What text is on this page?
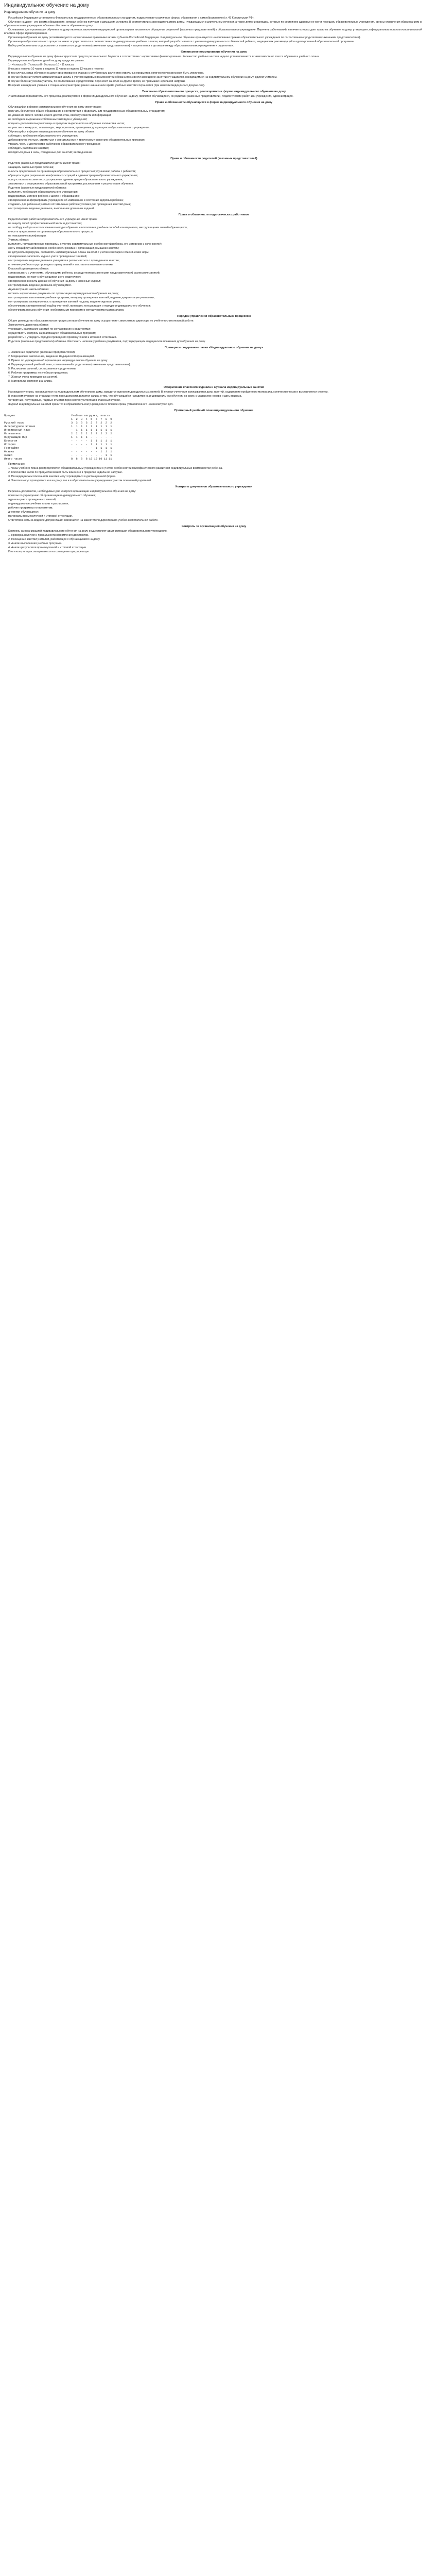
Индивидуальное обучение на дому
Индивидуальное обучение на дому

Российская Федерация установлена Федеральным государственным образовательным стандартом, подразумевает различные формы образования и самообразования (ст. 43 Конституции РФ).

Обучение на дому - это форма образования, которая ребенок получает в домашних условиях. В соответствии с законодательством детям, нуждающимся в длительном лечении, а также детям-инвалидам, которые по состоянию здоровья не могут посещать образовательные учреждения, органы управления образованием и образовательные учреждения обязаны обеспечить обучение на дому.

Основанием для организации обучения на дому является заключение медицинской организации и письменное обращение родителей (законных представителей) в образовательное учреждение. Перечень заболеваний, наличие которых дает право на обучение на дому, утверждается федеральным органом исполнительной власти в сфере здравоохранения.

Организация обучения на дому регламентируется нормативными правовыми актами субъекта Российской Федерации. Индивидуальное обучение организуется на основании приказа образовательного учреждения по согласованию с родителями (законными представителями).

Организация образовательного процесса может осуществляться в соответствии с индивидуальным учебным планом, который разрабатывается с учетом индивидуальных особенностей ребенка, медицинских рекомендаций и адаптированной образовательной программы.

Выбор учебного плана осуществляется совместно с родителями (законными представителями) и закрепляется в договоре между образовательным учреждением и родителями.

Финансовое нормирование обучения на дому

Индивидуальное обучение на дому финансируется из средств регионального бюджета в соответствии с нормативами финансирования. Количество учебных часов в неделю устанавливается в зависимости от класса обучения и учебного плана.

Индивидуальное обучение детей на дому предусматривает:

1 - 4 классы 5 - 7 классы 8 - 9 классы 10 - 11 классы

8 часов в неделю 10 часов в неделю 11 часов в неделю 12 часов в неделю

В том случае, когда обучение на дому организовано в классах с углубленным изучением отдельных предметов, количество часов может быть увеличено.

В случае болезни учителя администрация школы с учетом кадровых возможностей обязана произвести замещение занятий с учащимися, находящимися на индивидуальном обучении на дому, другим учителем.

В случае болезни ученика учитель, по согласованию с родителями, переносит занятия на другое время, не превышая недельной нагрузки.

Во время нахождения ученика в стационаре (санатории) ранее назначенное время учебных занятий сохраняется (при наличии медицинских документов).

Участники образовательного процесса, реализуемого в форме индивидуального обучения на дому

Участниками образовательного процесса, реализуемого в форме индивидуального обучения на дому, являются обучающиеся, их родители (законные представители), педагогические работники учреждения, администрация.

Права и обязанности обучающихся в форме индивидуального обучения на дому

Обучающийся в форме индивидуального обучения на дому имеет право:

получать бесплатное общее образование в соответствии с федеральным государственным образовательным стандартом;

на уважение своего человеческого достоинства, свободу совести и информации;

на свободное выражение собственных взглядов и убеждений;

получать дополнительную помощь в пределах выделенного на обучение количества часов;

на участие в конкурсах, олимпиадах, мероприятиях, проводимых для учащихся образовательного учреждения.

Обучающийся в форме индивидуального обучения на дому обязан:

соблюдать требования образовательного учреждения;

добросовестно учиться, стремиться к сознательному и творческому освоению образовательных программ;

уважать честь и достоинство работников образовательного учреждения;

соблюдать расписание занятий;

находиться дома в часы, отведенные для занятий; вести дневник.

Права и обязанности родителей (законных представителей)

Родители (законные представители) детей имеют право:

защищать законные права ребенка;

вносить предложения по организации образовательного процесса и улучшению работы с ребенком;

обращаться для разрешения конфликтных ситуаций к администрации образовательного учреждения;

присутствовать на занятиях с разрешения администрации образовательного учреждения;

знакомиться с содержанием образовательной программы, расписанием и результатами обучения.

Родители (законные представители) обязаны:

выполнять требования образовательного учреждения;

поддерживать интерес ребенка к школе и образованию;

своевременно информировать учреждение об изменениях в состоянии здоровья ребенка;

создавать для ребенка и учителя оптимальные рабочие условия для проведения занятий дома;

контролировать ведение дневника, выполнение домашних заданий.

Права и обязанности педагогических работников

Педагогический работник образовательного учреждения имеет право:

на защиту своей профессиональной чести и достоинства;

на свободу выбора и использования методик обучения и воспитания, учебных пособий и материалов, методов оценки знаний обучающихся;

вносить предложения по организации образовательного процесса;

на повышение квалификации.

Учитель обязан:

выполнять государственные программы с учетом индивидуальных особенностей ребенка, его интересов и склонностей;

знать специфику заболевания, особенности режима и организации домашних занятий;

не допускать перегрузки, составлять индивидуальные планы занятий с учетом санитарно-гигиенических норм;

своевременно заполнять журнал учета проведенных занятий;

контролировать ведение дневника учащимся и расписываться о проведенном занятии;

в течение учебного года проводить оценку знаний и выставлять итоговые отметки.

Классный руководитель обязан:

согласовывать с учителями, обучающими ребенка, и с родителями (законными представителями) расписание занятий;

поддерживать контакт с обучающимся и его родителями;

своевременно вносить данные об обучении на дому в классный журнал;

контролировать ведение дневника обучающимся.

Администрация школы обязана:

готовить нормативные документы по организации индивидуального обучения на дому;

контролировать выполнение учебных программ, методику проведения занятий, ведение документации учителями;

контролировать своевременность проведения занятий на дому, ведение журнала учета;

обеспечивать своевременный подбор учителей, проводить консультации о порядке индивидуального обучения;

обеспечивать процесс обучения необходимыми программно-методическими материалами.

Порядок управления образовательным процессом

Общее руководство образовательным процессом при обучении на дому осуществляет заместитель директора по учебно-воспитательной работе.

Заместитель директора обязан:

утверждать расписание занятий по согласованию с родителями;

осуществлять контроль за реализацией образовательных программ;

разработать и утвердить порядок проведения промежуточной и итоговой аттестации.

Родители (законные представители) обязаны обеспечить наличие у ребенка документов, подтверждающих медицинские показания для обучения на дому.

Примерное содержание папки «Индивидуальное обучение на дому»

1. Заявление родителей (законных представителей).

2. Медицинское заключение, выданное медицинской организацией.

3. Приказ по учреждению об организации индивидуального обучения на дому.

4. Индивидуальный учебный план, согласованный с родителями (законными представителями).

5. Расписание занятий, согласованное с родителями.

6. Рабочие программы по учебным предметам.

7. Журнал учета проведенных занятий.

8. Материалы контроля и анализа.

Оформление классного журнала и журнала индивидуальных занятий

На каждого ученика, находящегося на индивидуальном обучении на дому, заводится журнал индивидуальных занятий. В журнал учителями записываются даты занятий, содержание пройденного материала, количество часов и выставляются отметки.

В классном журнале на странице учета посещаемости делается запись о том, что обучающийся находится на индивидуальном обучении на дому, с указанием номера и даты приказа.

Четвертные, полугодовые, годовые отметки переносятся учителями в классный журнал.

Журнал индивидуальных занятий хранится в образовательном учреждении в течение срока, установленного номенклатурой дел.

Примерный учебный план индивидуального обучения
Предмет	Учебная нагрузка, классы
1  2  3  4  5  6  7  8  9
Русский язык	3  3  3  3  2  2  2  2  2
Литературное чтение	1  1  1  1  1  1  1  1  1
Иностранный язык	-  1  1  1  1  1  1  1  1
Математика	2  2  2  2  2  2  2  2  2
Окружающий мир	1  1  1  1  -  -  -  -  -
Биология	-  -  -  -  1  1  1  1  1
История	-  -  -  -  1  1  1  1  1
География	-  -  -  -  -  1  1  1  1
Физика	-  -  -  -  -  -  1  1  1
Химия	-  -  -  -  -  -  -  1  1
Итого часов	8  8  8  8 10 10 10 11 11

Примечание:

1. Часы учебного плана распределяются образовательным учреждением с учетом особенностей психофизического развития и индивидуальных возможностей ребенка.

2. Количество часов по предметам может быть изменено в пределах недельной нагрузки.

3. По медицинским показаниям занятия могут проводиться в дистанционной форме.

4. Занятия могут проводиться как на дому, так и в образовательном учреждении с учетом пожеланий родителей.

Контроль документов образовательного учреждения

Перечень документов, необходимых для контроля организации индивидуального обучения на дому:

приказы по учреждению об организации индивидуального обучения;

журналы учета проведенных занятий;

индивидуальные учебные планы и расписания;

рабочие программы по предметам;

дневники обучающихся;

материалы промежуточной и итоговой аттестации.

Ответственность за ведение документации возлагается на заместителя директора по учебно-воспитательной работе.

Контроль за организацией обучения на дому

Контроль за организацией индивидуального обучения на дому осуществляет администрация образовательного учреждения.

1. Проверка наличия и правильности оформления документов.

2. Посещение занятий учителей, работающих с обучающимися на дому.

3. Анализ выполнения учебных программ.

4. Анализ результатов промежуточной и итоговой аттестации.

Итоги контроля рассматриваются на совещании при директоре.
